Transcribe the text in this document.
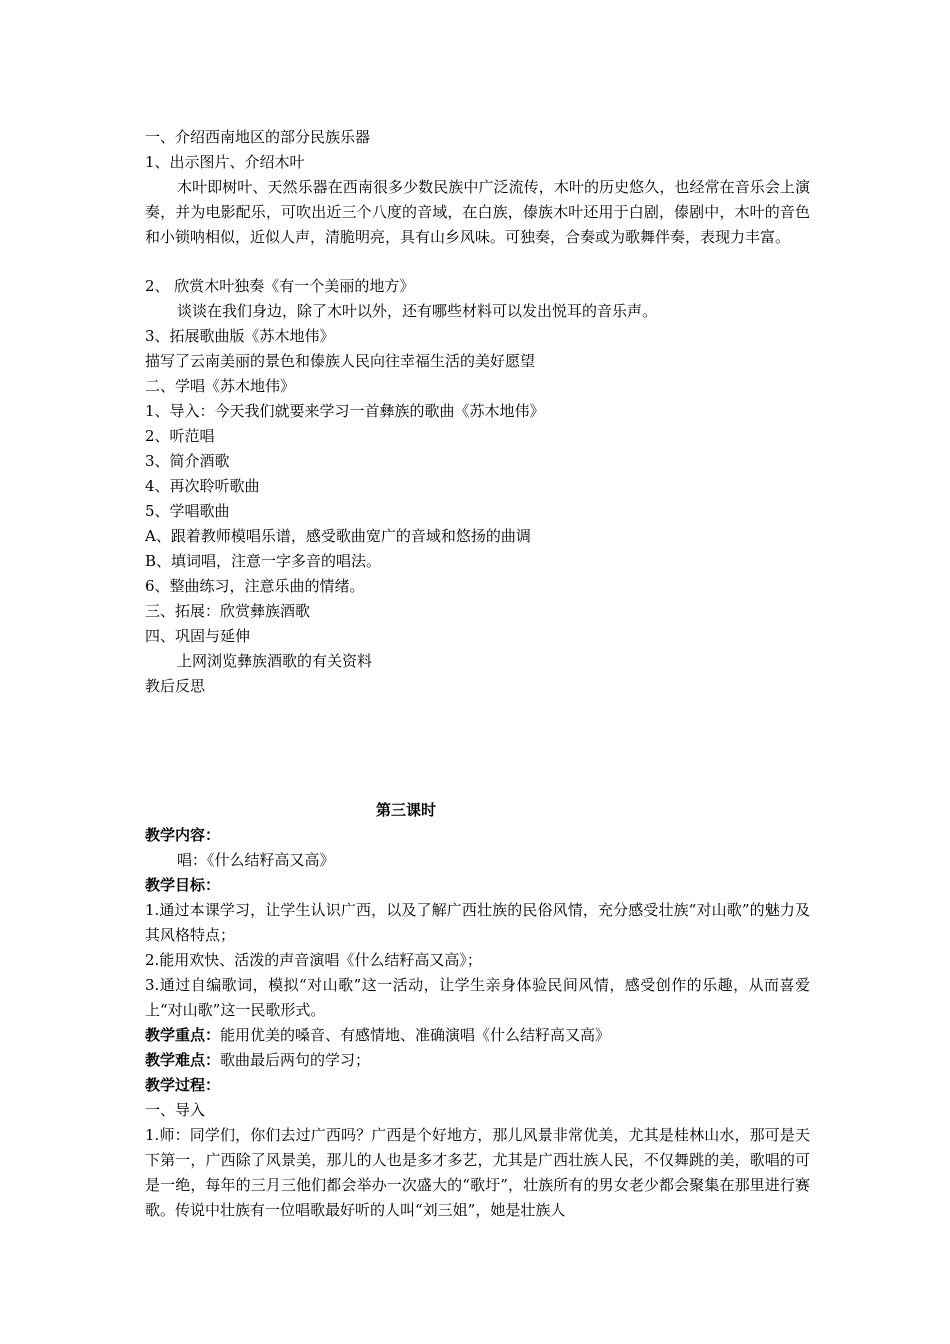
一、介绍西南地区的部分民族乐器
1、出示图片、介绍木叶
木叶即树叶、天然乐器在西南很多少数民族中广泛流传，木叶的历史悠久，也经常在音乐会上演奏，并为电影配乐，可吹出近三个八度的音域，在白族，傣族木叶还用于白剧，傣剧中，木叶的音色和小锁呐相似，近似人声，清脆明亮，具有山乡风味。可独奏，合奏或为歌舞伴奏，表现力丰富。
2、 欣赏木叶独奏《有一个美丽的地方》
谈谈在我们身边，除了木叶以外，还有哪些材料可以发出悦耳的音乐声。
3、拓展歌曲版《苏木地伟》
描写了云南美丽的景色和傣族人民向往幸福生活的美好愿望
二、学唱《苏木地伟》
1、导入：今天我们就要来学习一首彝族的歌曲《苏木地伟》
2、听范唱
3、简介酒歌
4、再次聆听歌曲
5、学唱歌曲
A、跟着教师模唱乐谱，感受歌曲宽广的音域和悠扬的曲调
B、填词唱，注意一字多音的唱法。
6、整曲练习，注意乐曲的情绪。
三、拓展：欣赏彝族酒歌
四、巩固与延伸
上网浏览彝族酒歌的有关资料
教后反思
第三课时
教学内容：
唱：《什么结籽高又高》
教学目标：
1.通过本课学习，让学生认识广西，以及了解广西壮族的民俗风情，充分感受壮族“对山歌”的魅力及其风格特点；
2.能用欢快、活泼的声音演唱《什么结籽高又高》；
3.通过自编歌词，模拟“对山歌”这一活动，让学生亲身体验民间风情，感受创作的乐趣，从而喜爱上“对山歌”这一民歌形式。
教学重点：能用优美的嗓音、有感情地、准确演唱《什么结籽高又高》
教学难点：歌曲最后两句的学习；
教学过程：
一、导入
1.师：同学们，你们去过广西吗？广西是个好地方，那儿风景非常优美，尤其是桂林山水，那可是天下第一，广西除了风景美，那儿的人也是多才多艺，尤其是广西壮族人民，不仅舞跳的美，歌唱的可是一绝，每年的三月三他们都会举办一次盛大的“歌圩”，壮族所有的男女老少都会聚集在那里进行赛歌。传说中壮族有一位唱歌最好听的人叫“刘三姐”，她是壮族人
